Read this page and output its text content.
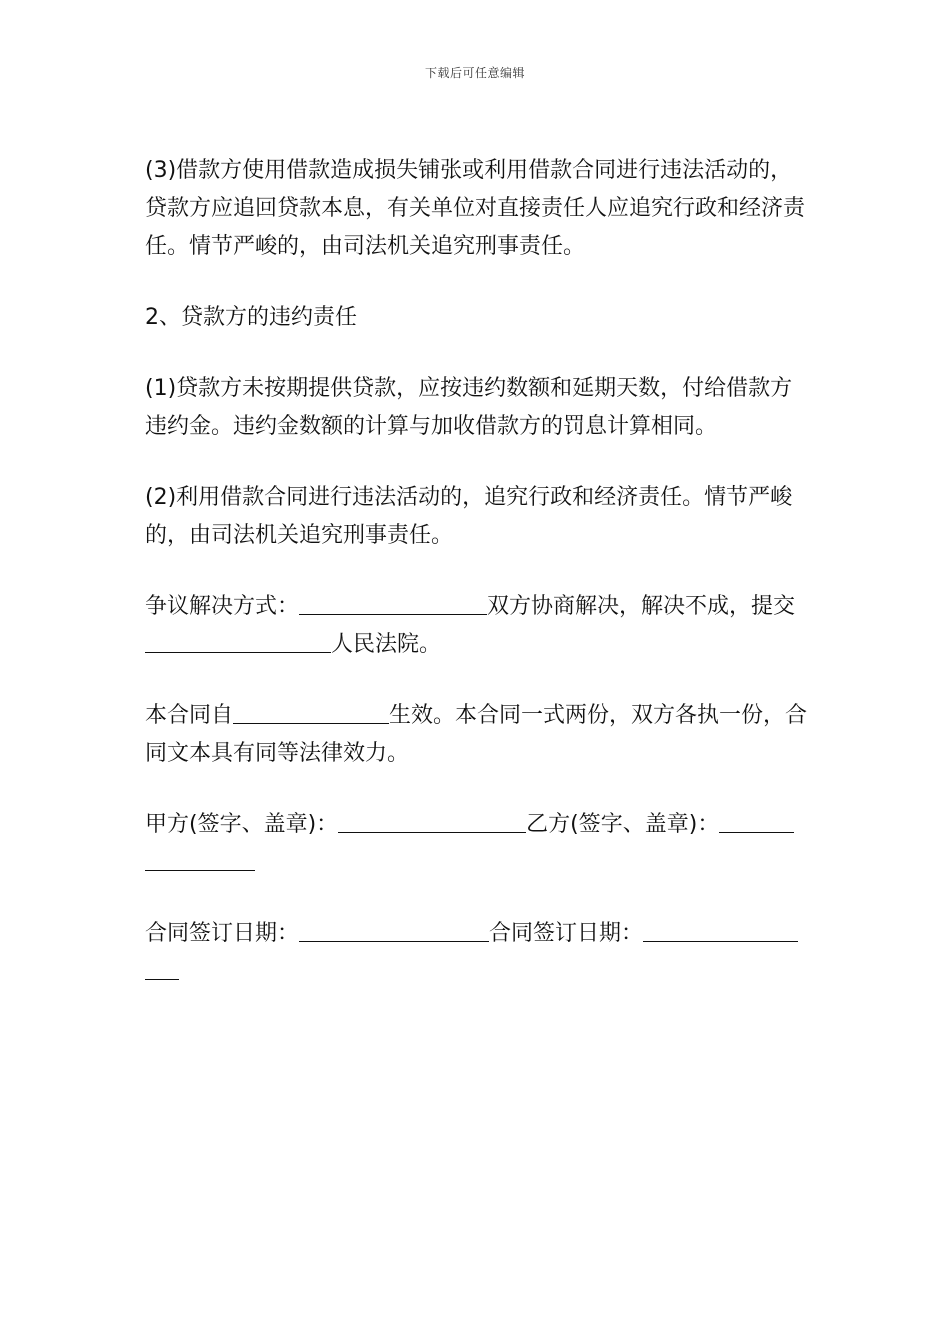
下载后可任意编辑

(3)借款方使用借款造成损失铺张或利用借款合同进行违法活动的，贷款方应追回贷款本息，有关单位对直接责任人应追究行政和经济责任。情节严峻的，由司法机关追究刑事责任。

2、贷款方的违约责任

(1)贷款方未按期提供贷款，应按违约数额和延期天数，付给借款方违约金。违约金数额的计算与加收借款方的罚息计算相同。

(2)利用借款合同进行违法活动的，追究行政和经济责任。情节严峻的，由司法机关追究刑事责任。

争议解决方式：	双方协商解决，解决不成，提交人民法院。

本合同自	生效。本合同一式两份，双方各执一份，合同文本具有同等法律效力。

甲方(签字、盖章)：	乙方(签字、盖章)：

合同签订日期：	合同签订日期：
